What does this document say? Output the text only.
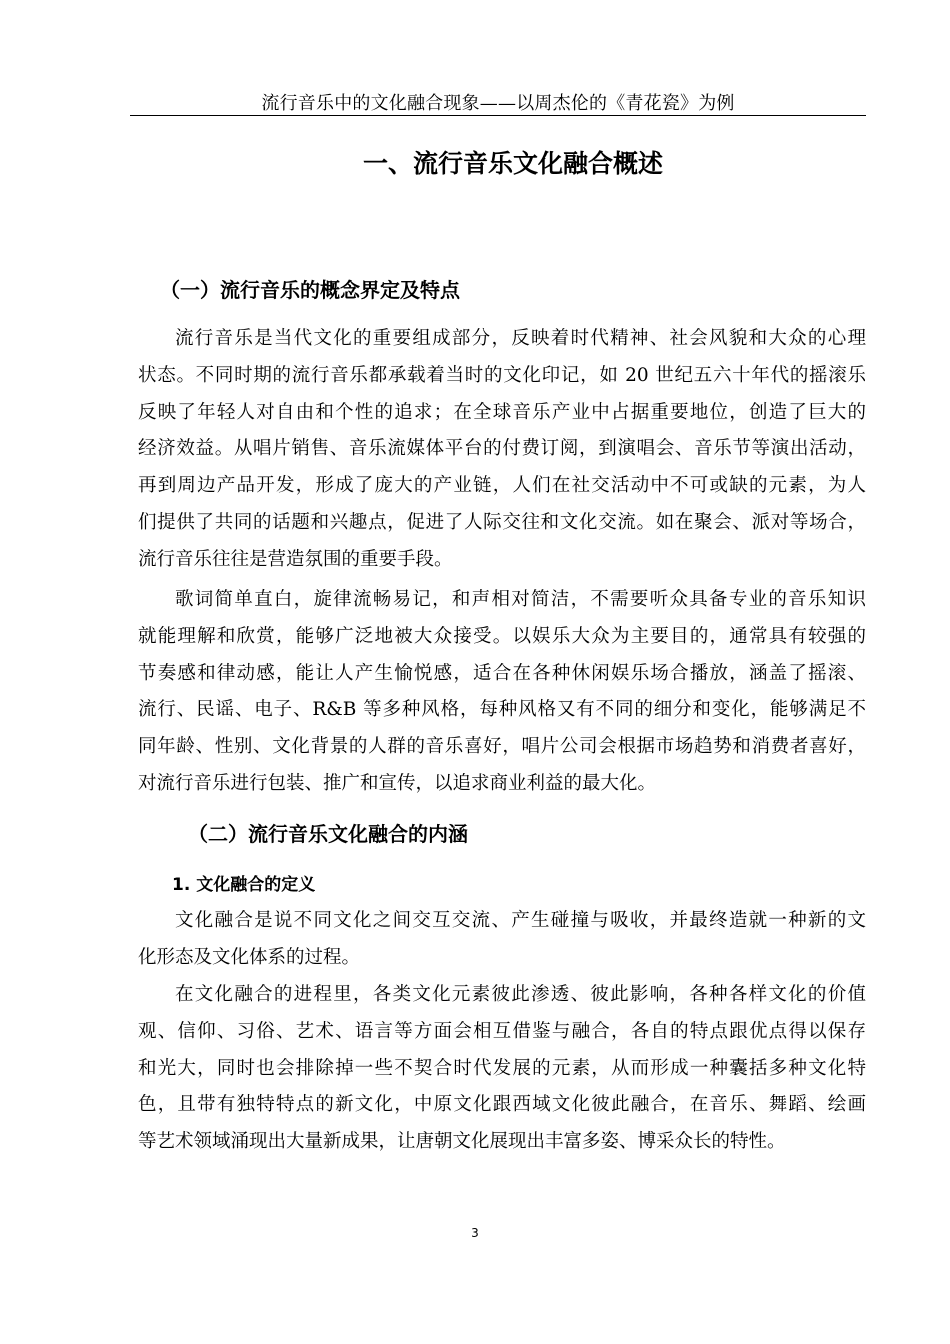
流行音乐中的文化融合现象——以周杰伦的《青花瓷》为例
一、流行音乐文化融合概述
（一）流行音乐的概念界定及特点
流行音乐是当代文化的重要组成部分，反映着时代精神、社会风貌和大众的心理
状态。不同时期的流行音乐都承载着当时的文化印记，如 20 世纪五六十年代的摇滚乐
反映了年轻人对自由和个性的追求；在全球音乐产业中占据重要地位，创造了巨大的
经济效益。从唱片销售、音乐流媒体平台的付费订阅，到演唱会、音乐节等演出活动，
再到周边产品开发，形成了庞大的产业链，人们在社交活动中不可或缺的元素，为人
们提供了共同的话题和兴趣点，促进了人际交往和文化交流。如在聚会、派对等场合，
流行音乐往往是营造氛围的重要手段。
歌词简单直白，旋律流畅易记，和声相对简洁，不需要听众具备专业的音乐知识
就能理解和欣赏，能够广泛地被大众接受。以娱乐大众为主要目的，通常具有较强的
节奏感和律动感，能让人产生愉悦感，适合在各种休闲娱乐场合播放，涵盖了摇滚、
流行、民谣、电子、R&B 等多种风格，每种风格又有不同的细分和变化，能够满足不
同年龄、性别、文化背景的人群的音乐喜好，唱片公司会根据市场趋势和消费者喜好，
对流行音乐进行包装、推广和宣传，以追求商业利益的最大化。
（二）流行音乐文化融合的内涵
1. 文化融合的定义
文化融合是说不同文化之间交互交流、产生碰撞与吸收，并最终造就一种新的文
化形态及文化体系的过程。
在文化融合的进程里，各类文化元素彼此渗透、彼此影响，各种各样文化的价值
观、信仰、习俗、艺术、语言等方面会相互借鉴与融合，各自的特点跟优点得以保存
和光大，同时也会排除掉一些不契合时代发展的元素，从而形成一种囊括多种文化特
色，且带有独特特点的新文化，中原文化跟西域文化彼此融合，在音乐、舞蹈、绘画
等艺术领域涌现出大量新成果，让唐朝文化展现出丰富多姿、博采众长的特性。
3
